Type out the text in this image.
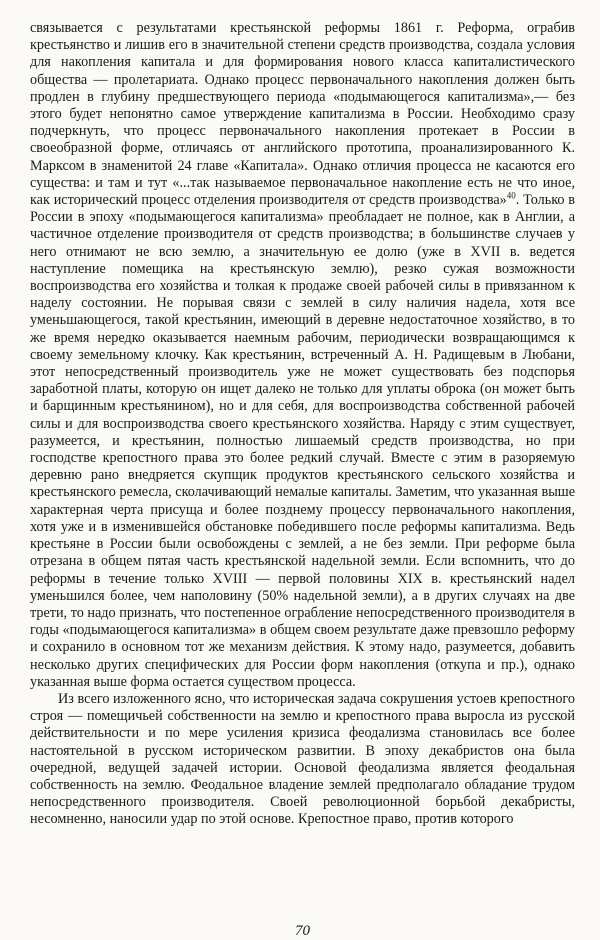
связывается с результатами крестьянской реформы 1861 г. Реформа, ограбив крестьянство и лишив его в значительной степени средств производства, создала условия для накопления капитала и для формирования нового класса капиталистического общества — пролетариата. Однако процесс первоначального накопления должен быть продлен в глубину предшествующего периода «подымающегося капитализма»,— без этого будет непонятно самое утверждение капитализма в России. Необходимо сразу подчеркнуть, что процесс первоначального накопления протекает в России в своеобразной форме, отличаясь от английского прототипа, проанализированного К. Марксом в знаменитой 24 главе «Капитала». Однако отличия процесса не касаются его существа: и там и тут «...так называемое первоначальное накопление есть не что иное, как исторический процесс отделения производителя от средств производства»$^{40}$. Только в России в эпоху «подымающегося капитализма» преобладает не полное, как в Англии, а частичное отделение производителя от средств производства; в большинстве случаев у него отнимают не всю землю, а значительную ее долю (уже в XVII в. ведется наступление помещика на крестьянскую землю), резко сужая возможности воспроизводства его хозяйства и толкая к продаже своей рабочей силы в привязанном к наделу состоянии. Не порывая связи с землей в силу наличия надела, хотя все уменьшающегося, такой крестьянин, имеющий в деревне недостаточное хозяйство, в то же время нередко оказывается наемным рабочим, периодически возвращающимся к своему земельному клочку. Как крестьянин, встреченный А. Н. Радищевым в Любани, этот непосредственный производитель уже не может существовать без подспорья заработной платы, которую он ищет далеко не только для уплаты оброка (он может быть и барщинным крестьянином), но и для себя, для воспроизводства собственной рабочей силы и для воспроизводства своего крестьянского хозяйства. Наряду с этим существует, разумеется, и крестьянин, полностью лишаемый средств производства, но при господстве крепостного права это более редкий случай. Вместе с этим в разоряемую деревню рано внедряется скупщик продуктов крестьянского сельского хозяйства и крестьянского ремесла, сколачивающий немалые капиталы. Заметим, что указанная выше характерная черта присуща и более позднему процессу первоначального накопления, хотя уже и в изменившейся обстановке победившего после реформы капитализма. Ведь крестьяне в России были освобождены с землей, а не без земли. При реформе была отрезана в общем пятая часть крестьянской надельной земли. Если вспомнить, что до реформы в течение только XVIII — первой половины XIX в. крестьянский надел уменьшился более, чем наполовину (50% надельной земли), а в других случаях на две трети, то надо признать, что постепенное ограбление непосредственного производителя в годы «подымающегося капитализма» в общем своем результате даже превзошло реформу и сохранило в основном тот же механизм действия. К этому надо, разумеется, добавить несколько других специфических для России форм накопления (откупа и пр.), однако указанная выше форма остается существом процесса.

Из всего изложенного ясно, что историческая задача сокрушения устоев крепостного строя — помещичьей собственности на землю и крепостного права выросла из русской действительности и по мере усиления кризиса феодализма становилась все более настоятельной в русском историческом развитии. В эпоху декабристов она была очередной, ведущей задачей истории. Основой феодализма является феодальная собственность на землю. Феодальное владение землей предполагало обладание трудом непосредственного производителя. Своей революционной борьбой декабристы, несомненно, наносили удар по этой основе. Крепостное право, против которого

70
